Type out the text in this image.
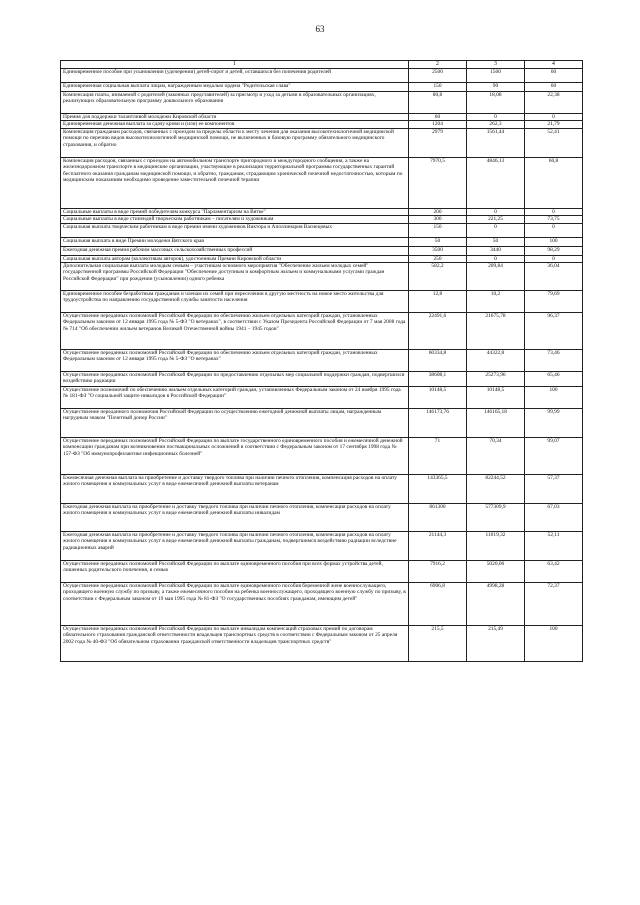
63
1	2	3	4
Единовременное пособие при усыновлении (удочерении) детей-сирот и детей, оставшихся без попечения родителей	2500	1500	60
Единовременная социальная выплата лицам, награжденным медалью ордена "Родительская слава"	150	90	60
Компенсация платы, взимаемой с родителей (законных представителей) за присмотр и уход за детьми в образовательных организациях, реализующих образовательную программу дошкольного образования	80,8	18,08	22,38
Премия для поддержки талантливой молодежи Кировской области	60	0	0
Единовременная денежная выплата за сдачу крови и (или) ее компонентов	1204	262,3	21,79
Компенсация гражданам расходов, связанных с проездом за пределы области к месту лечения для оказания высокотехнологичной медицинской помощи по перечню видов высокотехнологичной медицинской помощи, не включенных в базовую программу обязательного медицинского страхования, и обратно	2979	1561,44	52,41
Компенсация расходов, связанных с проездом на автомобильном транспорте пригородного и междугородного сообщения, а также на железнодорожном транспорте в медицинские организации, участвующие в реализации территориальной программы государственных гарантий бесплатного оказания гражданам медицинской помощи, и обратно, гражданам, страдающим хронической почечной недостаточностью, которым по медицинским показаниям необходимо проведение заместительной почечной терапии	7970,5	4846,13	60,8
Социальные выплаты в виде премий победителям конкурса "Парламентаризм на Вятке"	200	0	0
Социальные выплаты в виде стипендий творческим работникам – писателям и художникам	300	221,25	73,75
Социальная выплата творческим работникам в виде премии имени художников Виктора и Аполлинария Васнецовых	150	0	0
Социальная выплата в виде Премии молодежи Вятского края	50	50	100
Ежегодная денежная премия рабочим массовых сельскохозяйственных профессий	3500	3440	98,29
Социальная выплата авторам (коллективам авторов), удостоенным Премии Кировской области	250	0	0
Дополнительная социальная выплата молодым семьям – участникам основного мероприятия "Обеспечение жильем молодых семей" государственной программы Российской Федерации "Обеспечение доступным и комфортным жильем и коммунальными услугами граждан Российской Федерации" при рождении (усыновлении) одного ребенка	582,2	209,84	36,04
Единовременное пособие безработным гражданам и членам их семей при переселении в другую местность на новое место жительства для трудоустройства по направлению государственной службы занятости населения	12,8	10,2	79,69
Осуществление переданных полномочий Российской Федерации по обеспечению жильем отдельных категорий граждан, установленных Федеральным законом от 12 января 1995 года № 5-ФЗ "О ветеранах", в соответствии с Указом Президента Российской Федерации от 7 мая 2008 года № 714 "Об обеспечении жильем ветеранов Великой Отечественной войны 1941 – 1945 годов"	22491,6	21675,78	96,37
Осуществление переданных полномочий Российской Федерации по обеспечению жильем отдельных категорий граждан, установленных Федеральным законом от 12 января 1995 года № 5-ФЗ "О ветеранах"	60334,8	44322,8	73,46
Осуществление переданных полномочий Российской Федерации по предоставлению отдельных мер социальной поддержки граждан, подвергшихся воздействию радиации	38608,1	25273,96	65,46
Осуществление полномочий по обеспечению жильем отдельных категорий граждан, установленных Федеральным законом от 24 ноября 1995 года № 181-ФЗ "О социальной защите инвалидов в Российской Федерации"	10148,5	10148,5	100
Осуществление переданного полномочия Российской Федерации по осуществлению ежегодной денежной выплаты лицам, награжденным нагрудным знаком "Почетный донор России"	146173,76	146165,18	99,99
Осуществление переданных полномочий Российской Федерации по выплате государственного единовременного пособия и ежемесячной денежной компенсации гражданам при возникновении поствакцинальных осложнений в соответствии с Федеральным законом от 17 сентября 1998 года № 157-ФЗ "Об иммунопрофилактике инфекционных болезней"	71	70,34	99,07
Ежемесячная денежная выплата на приобретение и доставку твердого топлива при наличии печного отопления, компенсация расходов на оплату жилого помещения и коммунальных услуг в виде ежемесячной денежной выплаты ветеранам	143365,5	82244,52	57,37
Ежегодная денежная выплата на приобретение и доставку твердого топлива при наличии печного отопления, компенсация расходов на оплату жилого помещения и коммунальных услуг в виде ежемесячной денежной выплаты инвалидам	861300	577309,9	67,03
Ежегодная денежная выплата на приобретение и доставку твердого топлива при наличии печного отопления, компенсация расходов на оплату жилого помещения и коммунальных услуг в виде ежемесячной денежной выплаты гражданам, подвергшимся воздействию радиации вследствие радиационных аварий	21144,3	11019,32	52,11
Осуществление переданных полномочий Российской Федерации по выплате единовременного пособия при всех формах устройства детей, лишенных родительского попечения, в семью	7916,2	5020,06	63,42
Осуществление переданных полномочий Российской Федерации по выплате единовременного пособия беременной жене военнослужащего, проходящего военную службу по призыву, а также ежемесячного пособия на ребенка военнослужащего, проходящего военную службу по призыву, в соответствии с Федеральным законом от 19 мая 1995 года № 81-ФЗ "О государственных пособиях гражданам, имеющим детей"	6906,8	4998,28	72,37
Осуществление переданных полномочий Российской Федерации по выплате инвалидам компенсаций страховых премий по договорам обязательного страхования гражданской ответственности владельцев транспортных средств в соответствии с Федеральным законом от 25 апреля 2002 года № 40-ФЗ "Об обязательном страховании гражданской ответственности владельцев транспортных средств"	215,5	215,49	100
